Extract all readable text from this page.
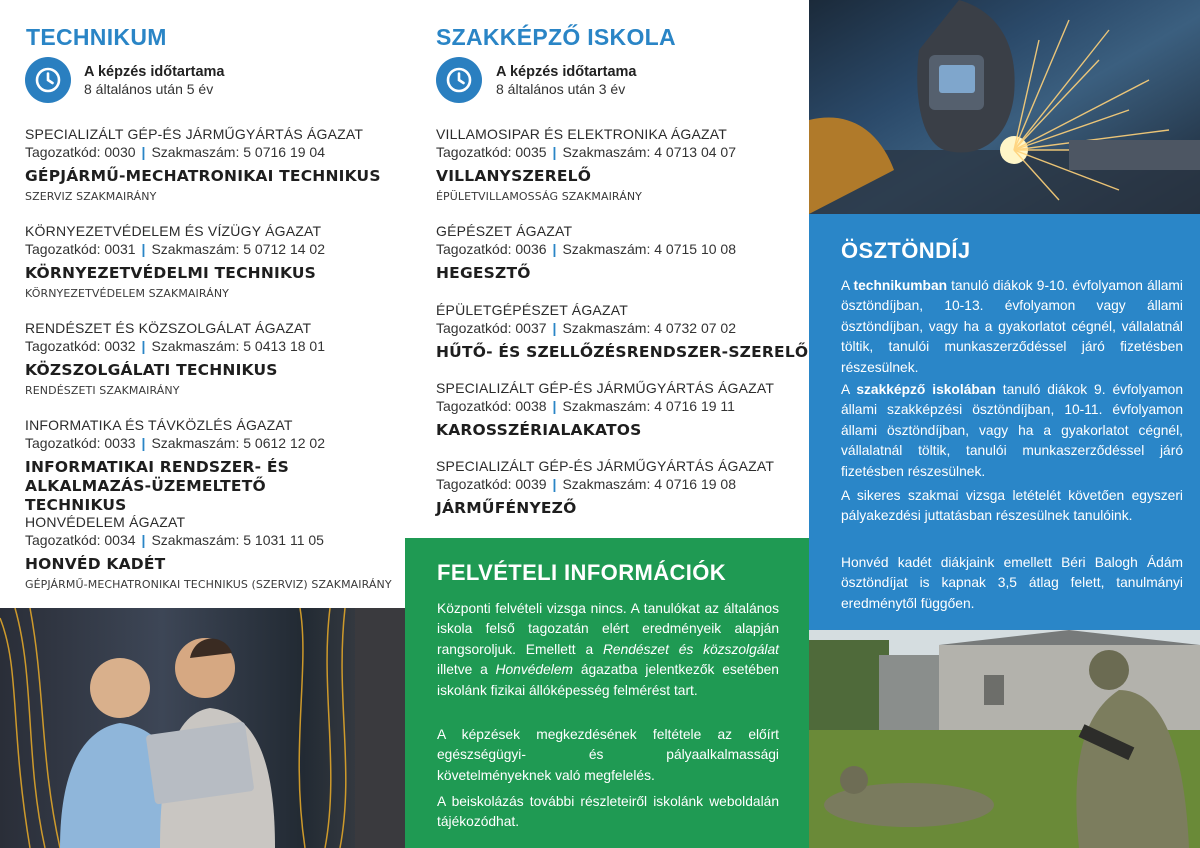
TECHNIKUM
A képzés időtartama
8 általános után 5 év
SPECIALIZÁLT GÉP-ÉS JÁRMŰGYÁRTÁS ÁGAZAT
Tagozatkód: 0030 | Szakmaszám: 5 0716 19 04
GÉPJÁRMŰ-MECHATRONIKAI TECHNIKUS
SZERVIZ SZAKMAIRÁNY
KÖRNYEZETVÉDELEM ÉS VÍZÜGY ÁGAZAT
Tagozatkód: 0031 | Szakmaszám: 5 0712 14 02
KÖRNYEZETVÉDELMI TECHNIKUS
KÖRNYEZETVÉDELEM SZAKMAIRÁNY
RENDÉSZET ÉS KÖZSZOLGÁLAT ÁGAZAT
Tagozatkód: 0032 | Szakmaszám: 5 0413 18 01
KÖZSZOLGÁLATI TECHNIKUS
RENDÉSZETI SZAKMAIRÁNY
INFORMATIKA ÉS TÁVKÖZLÉS ÁGAZAT
Tagozatkód: 0033 | Szakmaszám: 5 0612 12 02
INFORMATIKAI RENDSZER- ÉS ALKALMAZÁS-ÜZEMELTETŐ TECHNIKUS
HONVÉDELEM ÁGAZAT
Tagozatkód: 0034 | Szakmaszám: 5 1031 11 05
HONVÉD KADÉT
GÉPJÁRMŰ-MECHATRONIKAI TECHNIKUS (SZERVIZ) SZAKMAIRÁNY
SZAKKÉPZŐ ISKOLA
A képzés időtartama
8 általános után 3 év
VILLAMOSIPAR ÉS ELEKTRONIKA ÁGAZAT
Tagozatkód: 0035 | Szakmaszám: 4 0713 04 07
VILLANYSZERELŐ
ÉPÜLETVILLAMOSSÁG SZAKMAIRÁNY
GÉPÉSZET ÁGAZAT
Tagozatkód: 0036 | Szakmaszám: 4 0715 10 08
HEGESZTŐ
ÉPÜLETGÉPÉSZET ÁGAZAT
Tagozatkód: 0037 | Szakmaszám: 4 0732 07 02
HŰTŐ- ÉS SZELLŐZÉSRENDSZER-SZERELŐ
SPECIALIZÁLT GÉP-ÉS JÁRMŰGYÁRTÁS ÁGAZAT
Tagozatkód: 0038 | Szakmaszám: 4 0716 19 11
KAROSSZÉRIALAKATOS
SPECIALIZÁLT GÉP-ÉS JÁRMŰGYÁRTÁS ÁGAZAT
Tagozatkód: 0039 | Szakmaszám: 4 0716 19 08
JÁRMŰFÉNYEZŐ
FELVÉTELI INFORMÁCIÓK
Központi felvételi vizsga nincs. A tanulókat az általános iskola felső tagozatán elért eredményeik alapján rangsoroljuk. Emellett a Rendészet és közszolgálat illetve a Honvédelem ágazatba jelentkezők esetében iskolánk fizikai állóképesség felmérést tart.
A képzések megkezdésének feltétele az előírt egészségügyi- és pályaalkalmassági követelményeknek való megfelelés.
A beiskolázás további részleteiről iskolánk weboldalán tájékozódhat.
ÖSZTÖNDÍJ
A technikumban tanuló diákok 9-10. évfolyamon állami ösztöndíjban, 10-13. évfolyamon vagy állami ösztöndíjban, vagy ha a gyakorlatot cégnél, vállalatnál töltik, tanulói munkaszerződéssel járó fizetésben részesülnek.
A szakképző iskolában tanuló diákok 9. évfolyamon állami szakképzési ösztöndíjban, 10-11. évfolyamon állami ösztöndíjban, vagy ha a gyakorlatot cégnél, vállalatnál töltik, tanulói munkaszerződéssel járó fizetésben részesülnek.
A sikeres szakmai vizsga letételét követően egyszeri pályakezdési juttatásban részesülnek tanulóink.
Honvéd kadét diákjaink emellett Béri Balogh Ádám ösztöndíjat is kapnak 3,5 átlag felett, tanulmányi eredménytől függően.
